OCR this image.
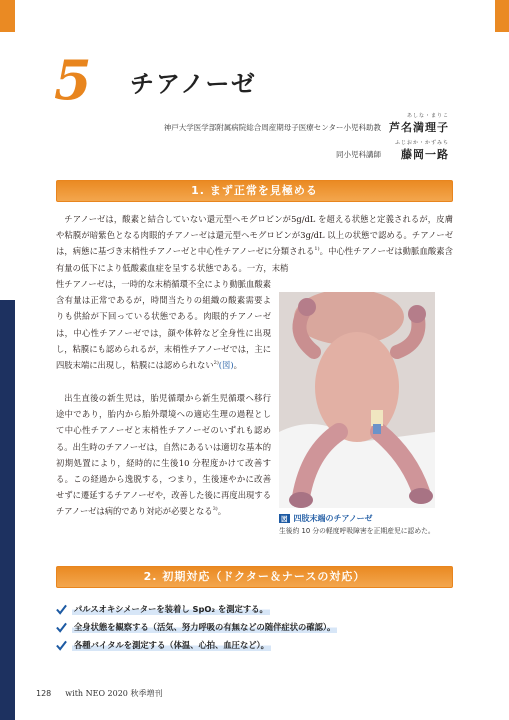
5 チアノーゼ
神戸大学医学部附属病院総合周産期母子医療センター小児科助教
あしな・まりこ
芦名満理子
同小児科講師
ふじおか・かずみち
藤岡一路
1. まず正常を見極める
チアノーゼは，酸素と結合していない還元型ヘモグロビンが5g/dL を超える状態と定義されるが，皮膚や粘膜が暗紫色となる肉眼的チアノーゼは還元型ヘモグロビンが3g/dL 以上の状態で認める。チアノーゼは，病態に基づき末梢性チアノーゼと中心性チアノーゼに分類される$^{1)}$。中心性チアノーゼは動脈血酸素含有量の低下により低酸素血症を呈する状態である。一方，末梢
性チアノーゼは，一時的な末梢循環不全により動脈血酸素含有量は正常であるが，時間当たりの組織の酸素需要よりも供給が下回っている状態である。肉眼的チアノーゼは，中心性チアノーゼでは，顔や体幹など全身性に出現し，粘膜にも認められるが，末梢性チアノーゼでは，主に四肢末端に出現し，粘膜には認められない$^{2)}$(図)。
出生直後の新生児は，胎児循環から新生児循環へ移行途中であり，胎内から胎外環境への適応生理の過程として中心性チアノーゼと末梢性チアノーゼのいずれも認める。出生時のチアノーゼは，自然にあるいは適切な基本的初期処置により，経時的に生後10 分程度かけて改善する。この経過から逸脱する，つまり，生後速やかに改善せずに遷延するチアノーゼや，改善した後に再度出現するチアノーゼは病的であり対応が必要となる$^{3)}$。
図 四肢末端のチアノーゼ
生後約 10 分の軽度呼吸障害を正期産児に認めた。
2. 初期対応（ドクター＆ナースの対応）
パルスオキシメーターを装着し SpO₂ を測定する。
全身状態を観察する（活気、努力呼吸の有無などの随伴症状の確認）。
各種バイタルを測定する（体温、心拍、血圧など）。
128 with NEO 2020 秋季増刊
